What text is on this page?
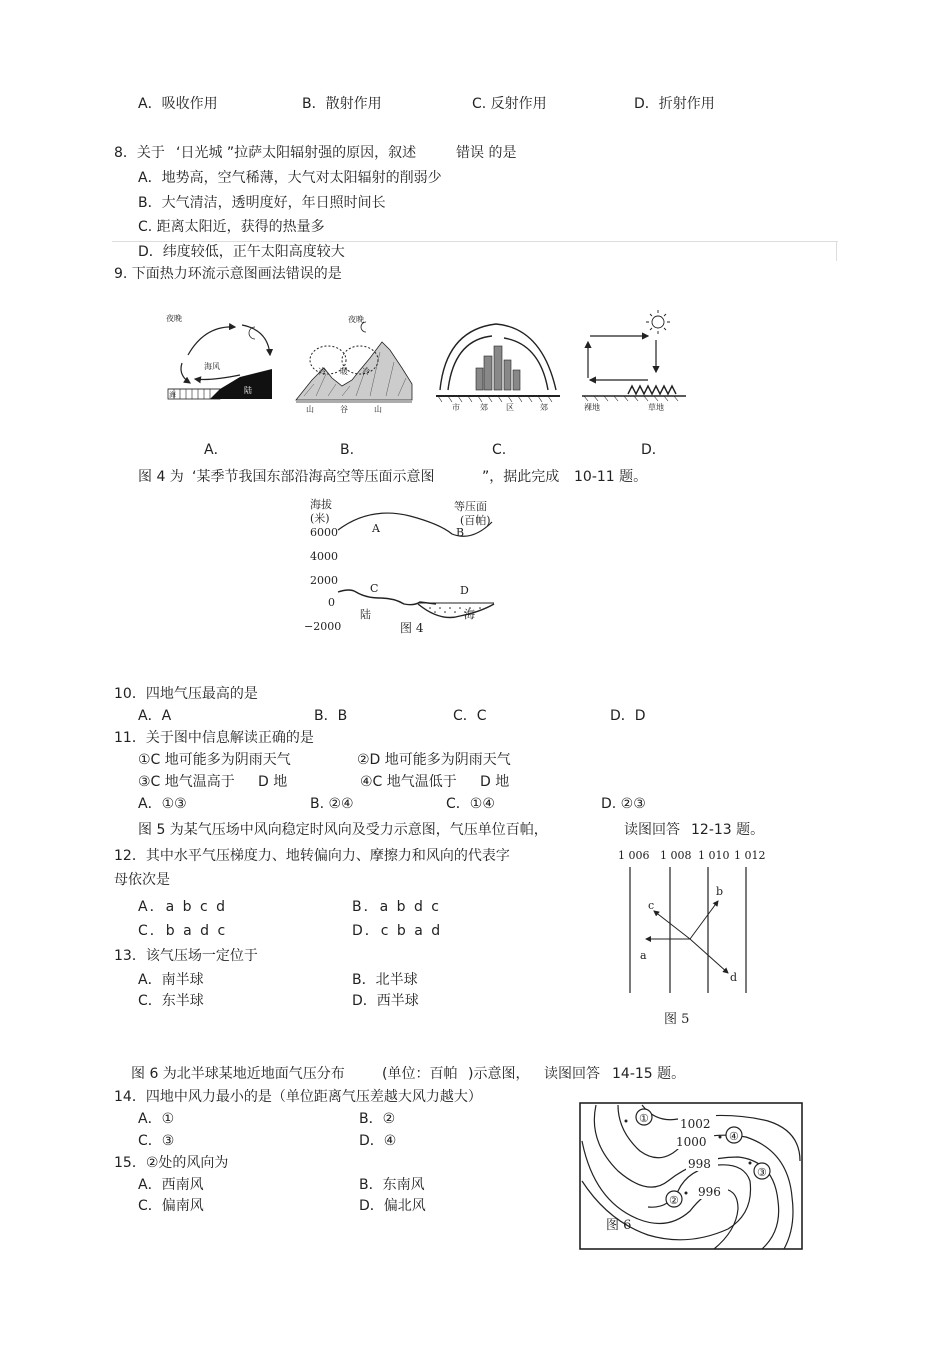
A．吸收作用	B．散射作用	C. 反射作用	D．折射作用
8．关于 ‘日光城 ”拉萨太阳辐射强的原因，叙述	错误 的是
A．地势高，空气稀薄，大气对太阳辐射的削弱少
B．大气清洁，透明度好，年日照时间长
C. 距离太阳近，获得的热量多
D．纬度较低，正午太阳高度较大
9. 下面热力环流示意图画法错误的是
夜晚
海风
陆
海
夜晚
冷 暖 冷
山	谷	山	市	郊 区	郊	裸地	草地
A．	B.	C.	D．
图 4 为 ‘某季节我国东部沿海高空等压面示意图	”，据此完成 10-11 题。
海拔
(米)
6000
4000
2000
0
−2000
等压面
(百帕)
A	B
C	D
陆	海
图 4
10．四地气压最高的是
A．A	B．B	C．C	D．D
11．关于图中信息解读正确的是
①C 地可能多为阴雨天气	②D 地可能多为阴雨天气
③C 地气温高于 D 地	④C 地气温低于 D 地
A．①③	B. ②④	C．①④	D. ②③
图 5 为某气压场中风向稳定时风向及受力示意图，气压单位百帕，	读图回答 12-13 题。
12．其中水平气压梯度力、地转偏向力、摩擦力和风向的代表字
母依次是
A．a b c d	B．a b d c
C．b a d c	D．c b a d
13．该气压场一定位于
A．南半球	B．北半球
C．东半球	D．西半球
1 006 1 008 1 010 1 012
a
b
c
d
图 5
图 6 为北半球某地近地面气压分布	(单位：百帕 )示意图， 读图回答 14-15 题。
14．四地中风力最小的是（单位距离气压差越大风力越大）
A．①	B．②
C．③	D．④
15．②处的风向为
A．西南风	B．东南风
C．偏南风	D．偏北风
1002
1000
998
996
①
④
③
②
图 6
